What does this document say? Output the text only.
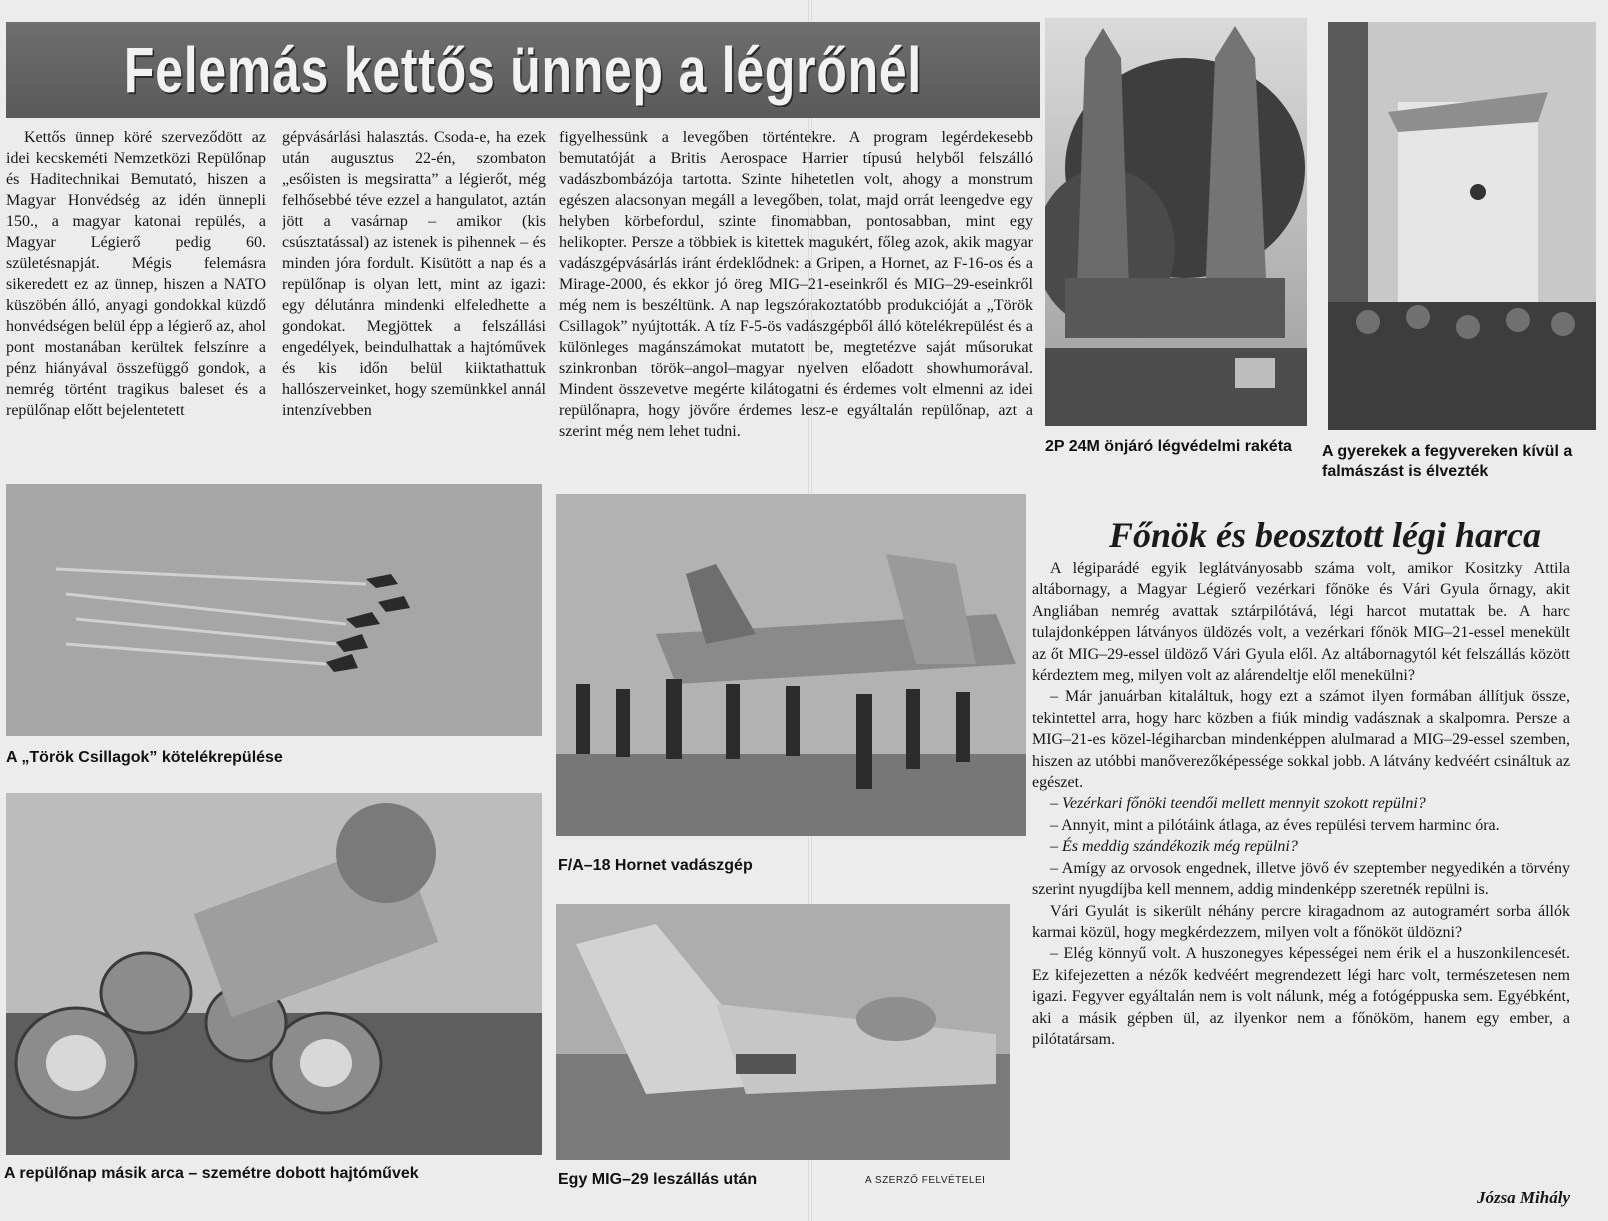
Felemás kettős ünnep a légrőnél
Kettős ünnep köré szerveződött az idei kecskeméti Nemzetközi Repülőnap és Haditechnikai Bemutató, hiszen a Magyar Honvédség az idén ünnepli 150., a magyar katonai repülés, a Magyar Légierő pedig 60. születésnapját. Mégis felemásra sikeredett ez az ünnep, hiszen a NATO küszöbén álló, anyagi gondokkal küzdő honvédségen belül épp a légierő az, ahol pont mostanában kerültek felszínre a pénz hiányával összefüggő gondok, a nemrég történt tragikus baleset és a repülőnap előtt bejelentetett
gépvásárlási halasztás. Csoda-e, ha ezek után augusztus 22-én, szombaton „esőisten is megsiratta” a légierőt, még felhősebbé téve ezzel a hangulatot, aztán jött a vasárnap – amikor (kis csúsztatással) az istenek is pihennek – és minden jóra fordult. Kisütött a nap és a repülőnap is olyan lett, mint az igazi: egy délutánra mindenki elfeledhette a gondokat. Megjöttek a felszállási engedélyek, beindulhattak a hajtóművek és kis időn belül kiiktathattuk hallószerveinket, hogy szemünkkel annál intenzívebben
figyelhessünk a levegőben történtekre. A program legérdekesebb bemutatóját a Britis Aerospace Harrier típusú helyből felszálló vadászbombázója tartotta. Szinte hihetetlen volt, ahogy a monstrum egészen alacsonyan megáll a levegőben, tolat, majd orrát leengedve egy helyben körbefordul, szinte finomabban, pontosabban, mint egy helikopter. Persze a többiek is kitettek magukért, főleg azok, akik magyar vadászgépvásárlás iránt érdeklődnek: a Gripen, a Hornet, az F-16-os és a Mirage-2000, és ekkor jó öreg MIG–21-eseinkről és MIG–29-eseinkről még nem is beszéltünk. A nap legszórakoztatóbb produkcióját a „Török Csillagok” nyújtották. A tíz F-5-ös vadászgépből álló kötelékrepülést és a különleges magánszámokat mutatott be, megtetézve saját műsorukat szinkronban török–angol–magyar nyelven előadott showhumorával. Mindent összevetve megérte kilátogatni és érdemes volt elmenni az idei repülőnapra, hogy jövőre érdemes lesz-e egyáltalán repülőnap, azt a szerint még nem lehet tudni.
2P 24M önjáró légvédelmi rakéta	A gyerekek a fegyvereken kívül a falmászást is élvezték
A „Török Csillagok” kötelékrepülése
F/A–18 Hornet vadászgép
A repülőnap másik arca – szemétre dobott hajtóművek	Egy MIG–29 leszállás után	A SZERZŐ FELVÉTELEI
Főnök és beosztott légi harca

A légiparádé egyik leglátványosabb száma volt, amikor Kositzky Attila altábornagy, a Magyar Légierő vezérkari főnöke és Vári Gyula őrnagy, akit Angliában nemrég avattak sztárpilótává, légi harcot mutattak be. A harc tulajdonképpen látványos üldözés volt, a vezérkari főnök MIG–21-essel menekült az őt MIG–29-essel üldöző Vári Gyula elől. Az altábornagytól két felszállás között kérdeztem meg, milyen volt az alárendeltje elől menekülni?

– Már januárban kitaláltuk, hogy ezt a számot ilyen formában állítjuk össze, tekintettel arra, hogy harc közben a fiúk mindig vadásznak a skalpomra. Persze a MIG–21-es közel-légiharcban mindenképpen alulmarad a MIG–29-essel szemben, hiszen az utóbbi manőverezőképessége sokkal jobb. A látvány kedvéért csináltuk az egészet.

– Vezérkari főnöki teendői mellett mennyit szokott repülni?

– Annyit, mint a pilótáink átlaga, az éves repülési tervem harminc óra.

– És meddig szándékozik még repülni?

– Amígy az orvosok engednek, illetve jövő év szeptember negyedikén a törvény szerint nyugdíjba kell mennem, addig mindenképp szeretnék repülni is.

Vári Gyulát is sikerült néhány percre kiragadnom az autogramért sorba állók karmai közül, hogy megkérdezzem, milyen volt a főnököt üldözni?

– Elég könnyű volt. A huszonegyes képességei nem érik el a huszonkilencesét. Ez kifejezetten a nézők kedvéért megrendezett légi harc volt, természetesen nem igazi. Fegyver egyáltalán nem is volt nálunk, még a fotógéppuska sem. Egyébként, aki a másik gépben ül, az ilyenkor nem a főnököm, hanem egy ember, a pilótatársam.

Józsa Mihály
